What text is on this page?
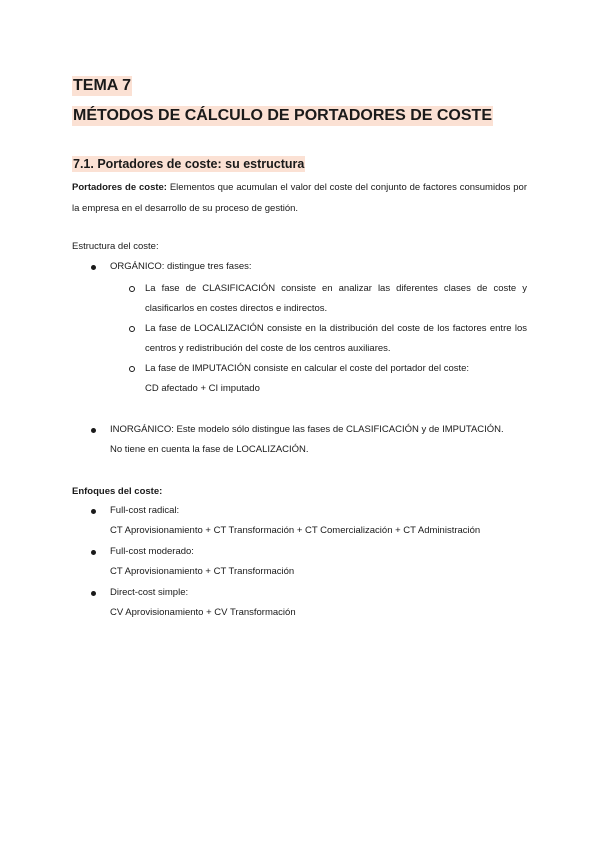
TEMA 7
MÉTODOS DE CÁLCULO DE PORTADORES DE COSTE
7.1. Portadores de coste: su estructura
Portadores de coste: Elementos que acumulan el valor del coste del conjunto de factores consumidos por la empresa en el desarrollo de su proceso de gestión.
Estructura del coste:
ORGÁNICO: distingue tres fases:
La fase de CLASIFICACIÓN consiste en analizar las diferentes clases de coste y clasificarlos en costes directos e indirectos.
La fase de LOCALIZACIÓN consiste en la distribución del coste de los factores entre los centros y redistribución del coste de los centros auxiliares.
La fase de IMPUTACIÓN consiste en calcular el coste del portador del coste:
CD afectado + CI imputado
INORGÁNICO: Este modelo sólo distingue las fases de CLASIFICACIÓN y de IMPUTACIÓN.
No tiene en cuenta la fase de LOCALIZACIÓN.
Enfoques del coste:
Full-cost radical:
CT Aprovisionamiento + CT Transformación + CT Comercialización + CT Administración
Full-cost moderado:
CT Aprovisionamiento + CT Transformación
Direct-cost simple:
CV Aprovisionamiento + CV Transformación
